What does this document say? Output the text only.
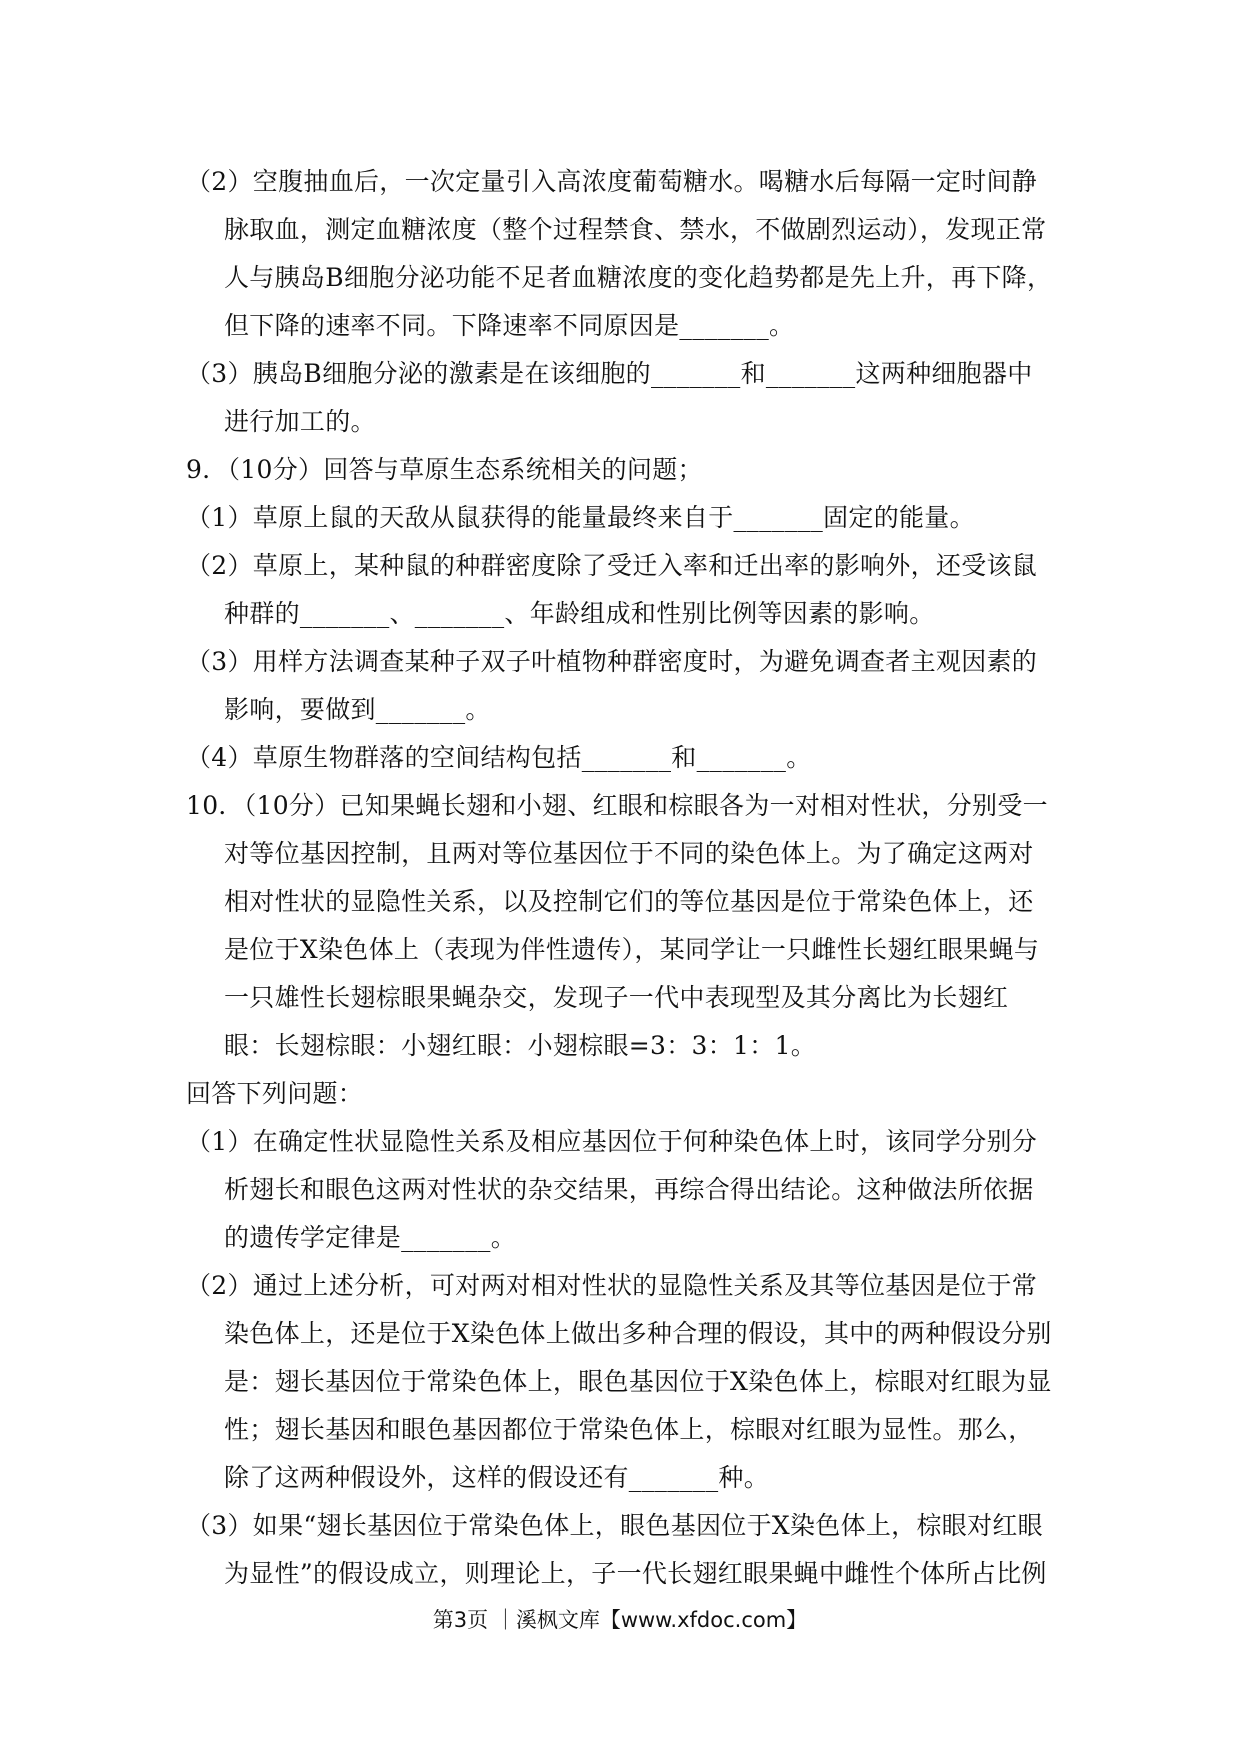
（2）空腹抽血后，一次定量引入高浓度葡萄糖水。喝糖水后每隔一定时间静脉取血，测定血糖浓度（整个过程禁食、禁水，不做剧烈运动），发现正常人与胰岛B细胞分泌功能不足者血糖浓度的变化趋势都是先上升，再下降，但下降的速率不同。下降速率不同原因是_______。
（3）胰岛B细胞分泌的激素是在该细胞的_______和_______这两种细胞器中进行加工的。
9．（10分）回答与草原生态系统相关的问题；
（1）草原上鼠的天敌从鼠获得的能量最终来自于_______固定的能量。
（2）草原上，某种鼠的种群密度除了受迁入率和迁出率的影响外，还受该鼠种群的_______、_______、年龄组成和性别比例等因素的影响。
（3）用样方法调查某种子双子叶植物种群密度时，为避免调查者主观因素的影响，要做到_______。
（4）草原生物群落的空间结构包括_______和_______。
10．（10分）已知果蝇长翅和小翅、红眼和棕眼各为一对相对性状，分别受一对等位基因控制，且两对等位基因位于不同的染色体上。为了确定这两对相对性状的显隐性关系，以及控制它们的等位基因是位于常染色体上，还是位于X染色体上（表现为伴性遗传），某同学让一只雌性长翅红眼果蝇与一只雄性长翅棕眼果蝇杂交，发现子一代中表现型及其分离比为长翅红眼：长翅棕眼：小翅红眼：小翅棕眼=3：3：1：1。
回答下列问题：
（1）在确定性状显隐性关系及相应基因位于何种染色体上时，该同学分别分析翅长和眼色这两对性状的杂交结果，再综合得出结论。这种做法所依据的遗传学定律是_______。
（2）通过上述分析，可对两对相对性状的显隐性关系及其等位基因是位于常染色体上，还是位于X染色体上做出多种合理的假设，其中的两种假设分别是：翅长基因位于常染色体上，眼色基因位于X染色体上，棕眼对红眼为显性；翅长基因和眼色基因都位于常染色体上，棕眼对红眼为显性。那么，除了这两种假设外，这样的假设还有_______种。
（3）如果“翅长基因位于常染色体上，眼色基因位于X染色体上，棕眼对红眼为显性”的假设成立，则理论上，子一代长翅红眼果蝇中雌性个体所占比例
第3页 ｜溪枫文库【www.xfdoc.com】
